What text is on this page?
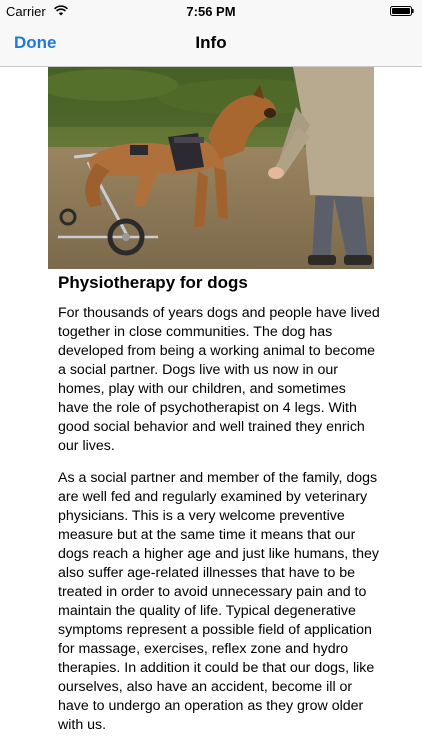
Carrier	7:56 PM
Done	Info
Physiotherapy for dogs

For thousands of years dogs and people have lived together in close communities. The dog has developed from being a working animal to become a social partner. Dogs live with us now in our homes, play with our children, and sometimes have the role of psychotherapist on 4 legs. With good social behavior and well trained they enrich our lives.

As a social partner and member of the family, dogs are well fed and regularly examined by veterinary physicians. This is a very welcome preventive measure but at the same time it means that our dogs reach a higher age and just like humans, they also suffer age-related illnesses that have to be treated in order to avoid unnecessary pain and to maintain the quality of life. Typical degenerative symptoms represent a possible field of application for massage, exercises, reflex zone and hydro therapies. In addition it could be that our dogs, like ourselves, also have an accident, become ill or have to undergo an operation as they grow older with us.
